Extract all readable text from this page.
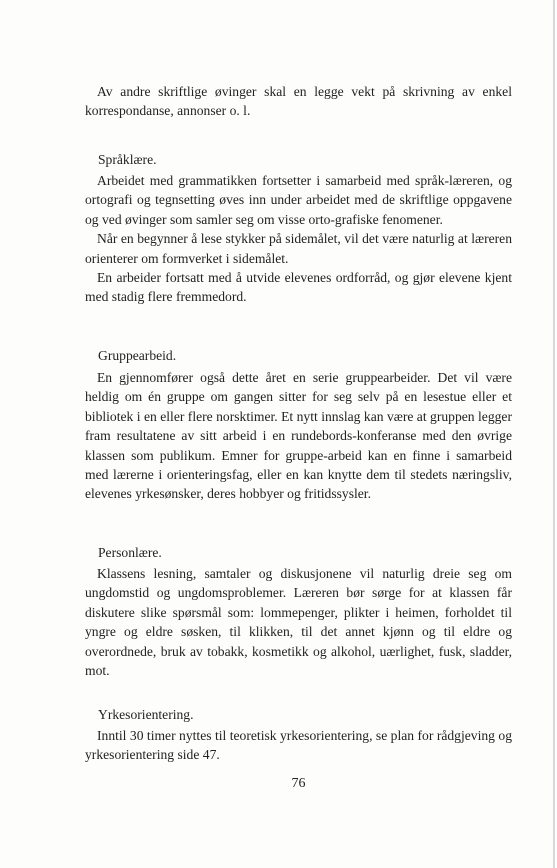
Av andre skriftlige øvinger skal en legge vekt på skrivning av enkel korrespondanse, annonser o. l.

Språklære.

Arbeidet med grammatikken fortsetter i samarbeid med språk-læreren, og ortografi og tegnsetting øves inn under arbeidet med de skriftlige oppgavene og ved øvinger som samler seg om visse orto-grafiske fenomener.

Når en begynner å lese stykker på sidemålet, vil det være naturlig at læreren orienterer om formverket i sidemålet.

En arbeider fortsatt med å utvide elevenes ordforråd, og gjør elevene kjent med stadig flere fremmedord.

Gruppearbeid.

En gjennomfører også dette året en serie gruppearbeider. Det vil være heldig om én gruppe om gangen sitter for seg selv på en lesestue eller et bibliotek i en eller flere norsktimer. Et nytt innslag kan være at gruppen legger fram resultatene av sitt arbeid i en rundebords-konferanse med den øvrige klassen som publikum. Emner for gruppe-arbeid kan en finne i samarbeid med lærerne i orienteringsfag, eller en kan knytte dem til stedets næringsliv, elevenes yrkesønsker, deres hobbyer og fritidssysler.

Personlære.

Klassens lesning, samtaler og diskusjonene vil naturlig dreie seg om ungdomstid og ungdomsproblemer. Læreren bør sørge for at klassen får diskutere slike spørsmål som: lommepenger, plikter i heimen, forholdet til yngre og eldre søsken, til klikken, til det annet kjønn og til eldre og overordnede, bruk av tobakk, kosmetikk og alkohol, uærlighet, fusk, sladder, mot.

Yrkesorientering.

Inntil 30 timer nyttes til teoretisk yrkesorientering, se plan for rådgjeving og yrkesorientering side 47.

76
